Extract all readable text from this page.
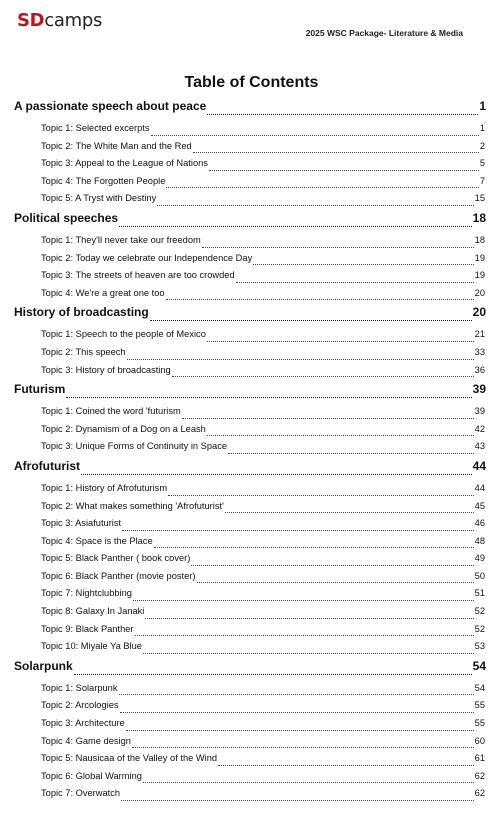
SDcamps
2025 WSC Package- Literature & Media
Table of Contents
A passionate speech about peace	1
Topic 1: Selected excerpts	1
Topic 2: The White Man and the Red	2
Topic 3: Appeal to the League of Nations	5
Topic 4: The Forgotten People	7
Topic 5: A Tryst with Destiny	15
Political speeches	18
Topic 1: They'll never take our freedom	18
Topic 2: Today we celebrate our Independence Day	19
Topic 3: The streets of heaven are too crowded	19
Topic 4: We're a great one too	20
History of broadcasting	20
Topic 1: Speech to the people of Mexico	21
Topic 2: This speech	33
Topic 3: History of broadcasting	36
Futurism	39
Topic 1: Coined the word 'futurism	39
Topic 2: Dynamism of a Dog on a Leash	42
Topic 3: Unique Forms of Continuity in Space	43
Afrofuturist	44
Topic 1: History of Afrofuturism	44
Topic 2: What makes something 'Afrofuturist'	45
Topic 3: Asiafuturist	46
Topic 4: Space is the Place	48
Topic 5: Black Panther ( book cover)	49
Topic 6: Black Panther (movie poster)	50
Topic 7: Nightclubbing	51
Topic 8: Galaxy In Janaki	52
Topic 9: Black Panther	52
Topic 10: Miyale Ya Blue	53
Solarpunk	54
Topic 1: Solarpunk	54
Topic 2: Arcologies	55
Topic 3: Architecture	55
Topic 4: Game design	60
Topic 5: Nausicaa of the Valley of the Wind	61
Topic 6: Global Warming	62
Topic 7: Overwatch	62
